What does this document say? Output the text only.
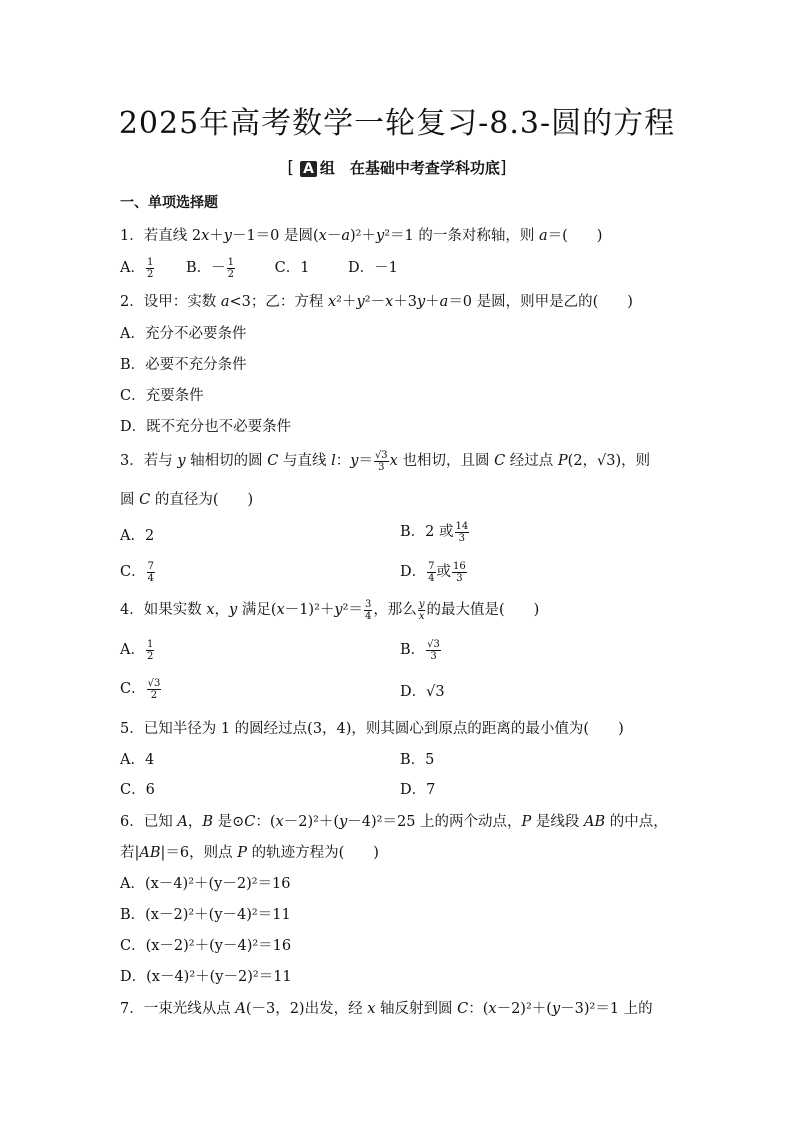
2025年高考数学一轮复习-8.3-圆的方程
[ A 组　在基础中考查学科功底]
一、单项选择题
1．若直线 2x＋y－1＝0 是圆(x－a)²＋y²＝1 的一条对称轴，则 a＝(　　)
A． $\frac{1}{2}$ B．－ $\frac{1}{2}$	C．1	D．－1
2．设甲：实数 a<3；乙：方程 x²＋y²－x＋3y＋a＝0 是圆，则甲是乙的(　　)
A．充分不必要条件
B．必要不充分条件
C．充要条件
D．既不充分也不必要条件
3．若与 y 轴相切的圆 C 与直线 l：$y= \frac{√3}{3}$ x 也相切，且圆 C 经过点 P(2，√3)，则
圆 C 的直径为(　　)
A．2	B．2 或 $\frac{14}{3}$
C． $\frac{7}{4}$	D． $\frac{7}{4}$ 或 $\frac{16}{3}$
4．如果实数 x，y 满足$(x-1)^2+y^2= \frac{3}{4}$ ，那么 $\frac{y}{x}$ 的最大值是(　　)
A． $\frac{1}{2}$	B． $\frac{√3}{3}$
C． $\frac{√3}{2}$	D．√3
5．已知半径为 1 的圆经过点(3，4)，则其圆心到原点的距离的最小值为(　　)
A．4	B．5
C．6	D．7
6．已知 A，B 是⊙C：(x－2)²＋(y－4)²＝25 上的两个动点，P 是线段 AB 的中点，
若|AB|＝6，则点 P 的轨迹方程为(　　)
A．(x－4)²＋(y－2)²＝16
B．(x－2)²＋(y－4)²＝11
C．(x－2)²＋(y－4)²＝16
D．(x－4)²＋(y－2)²＝11
7．一束光线从点 A(－3，2)出发，经 x 轴反射到圆 C：(x－2)²＋(y－3)²＝1 上的
